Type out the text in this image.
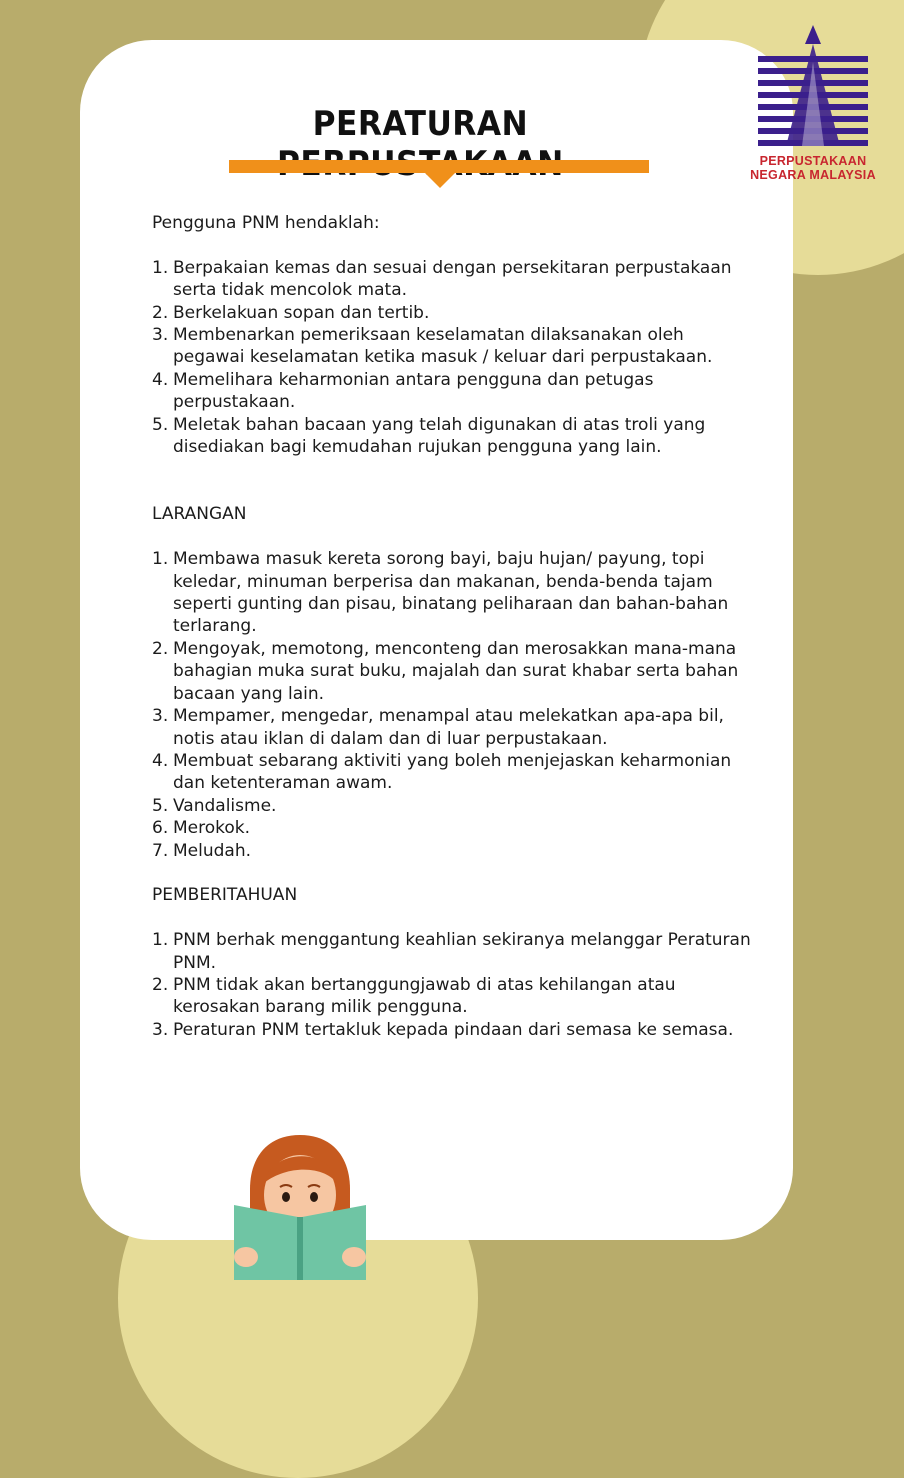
PERATURAN
PERPUSTAKAAN
NEGARA MALAYSIA

Pengguna PNM hendaklah:

1. Berpakaian kemas dan sesuai dengan persekitaran perpustakaan serta tidak mencolok mata.
2. Berkelakuan sopan dan tertib.
3. Membenarkan pemeriksaan keselamatan dilaksanakan oleh pegawai keselamatan ketika masuk / keluar dari perpustakaan.
4. Memelihara keharmonian antara pengguna dan petugas perpustakaan.
5. Meletak bahan bacaan yang telah digunakan di atas troli yang disediakan bagi kemudahan rujukan pengguna yang lain.

LARANGAN

1. Membawa masuk kereta sorong bayi, baju hujan/ payung, topi keledar, minuman berperisa dan makanan, benda-benda tajam seperti gunting dan pisau, binatang peliharaan dan bahan-bahan terlarang.
2. Mengoyak, memotong, menconteng dan merosakkan mana-mana bahagian muka surat buku, majalah dan surat khabar serta bahan bacaan yang lain.
3. Mempamer, mengedar, menampal atau melekatkan apa-apa bil, notis atau iklan di dalam dan di luar perpustakaan.
4. Membuat sebarang aktiviti yang boleh menjejaskan keharmonian dan ketenteraman awam.
5. Vandalisme.
6. Merokok.
7. Meludah.

PEMBERITAHUAN

1. PNM berhak menggantung keahlian sekiranya melanggar Peraturan PNM.
2. PNM tidak akan bertanggungjawab di atas kehilangan atau kerosakan barang milik pengguna.
3. Peraturan PNM tertakluk kepada pindaan dari semasa ke semasa.
